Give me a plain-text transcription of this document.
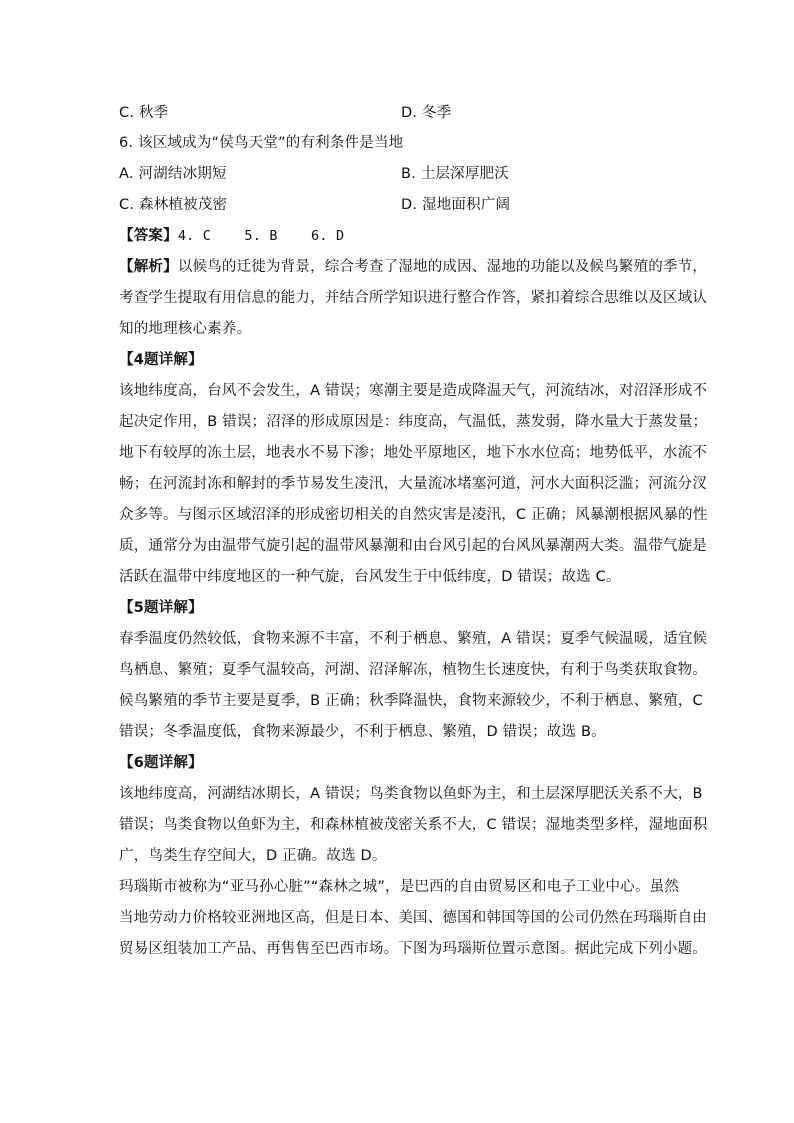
C. 秋季	D. 冬季
6. 该区域成为“侯鸟天堂”的有利条件是当地
A. 河湖结冰期短	B. 土层深厚肥沃
C. 森林植被茂密	D. 湿地面积广阔
【答案】4. C    5. B    6. D
【解析】以候鸟的迁徙为背景，综合考查了湿地的成因、湿地的功能以及候鸟繁殖的季节，
考查学生提取有用信息的能力，并结合所学知识进行整合作答，紧扣着综合思维以及区域认
知的地理核心素养。
【4题详解】
该地纬度高，台风不会发生，A 错误；寒潮主要是造成降温天气，河流结冰，对沼泽形成不
起决定作用，B 错误；沼泽的形成原因是：纬度高，气温低，蒸发弱，降水量大于蒸发量；
地下有较厚的冻土层，地表水不易下渗；地处平原地区，地下水水位高；地势低平，水流不
畅；在河流封冻和解封的季节易发生凌汛，大量流冰堵塞河道，河水大面积泛滥；河流分汊
众多等。与图示区域沼泽的形成密切相关的自然灾害是凌汛，C 正确；风暴潮根据风暴的性
质，通常分为由温带气旋引起的温带风暴潮和由台风引起的台风风暴潮两大类。温带气旋是
活跃在温带中纬度地区的一种气旋，台风发生于中低纬度，D 错误；故选 C。
【5题详解】
春季温度仍然较低，食物来源不丰富，不利于栖息、繁殖，A 错误；夏季气候温暖，适宜候
鸟栖息、繁殖；夏季气温较高，河湖、沼泽解冻，植物生长速度快，有利于鸟类获取食物。
候鸟繁殖的季节主要是夏季，B 正确；秋季降温快，食物来源较少，不利于栖息、繁殖，C
错误；冬季温度低，食物来源最少，不利于栖息、繁殖，D 错误；故选 B。
【6题详解】
该地纬度高，河湖结冰期长，A 错误；鸟类食物以鱼虾为主，和土层深厚肥沃关系不大，B
错误；鸟类食物以鱼虾为主，和森林植被茂密关系不大，C 错误；湿地类型多样，湿地面积
广，鸟类生存空间大，D 正确。故选 D。
玛瑙斯市被称为“亚马孙心脏”“森林之城”，是巴西的自由贸易区和电子工业中心。虽然
当地劳动力价格较亚洲地区高，但是日本、美国、德国和韩国等国的公司仍然在玛瑙斯自由
贸易区组装加工产品、再售售至巴西市场。下图为玛瑙斯位置示意图。据此完成下列小题。
